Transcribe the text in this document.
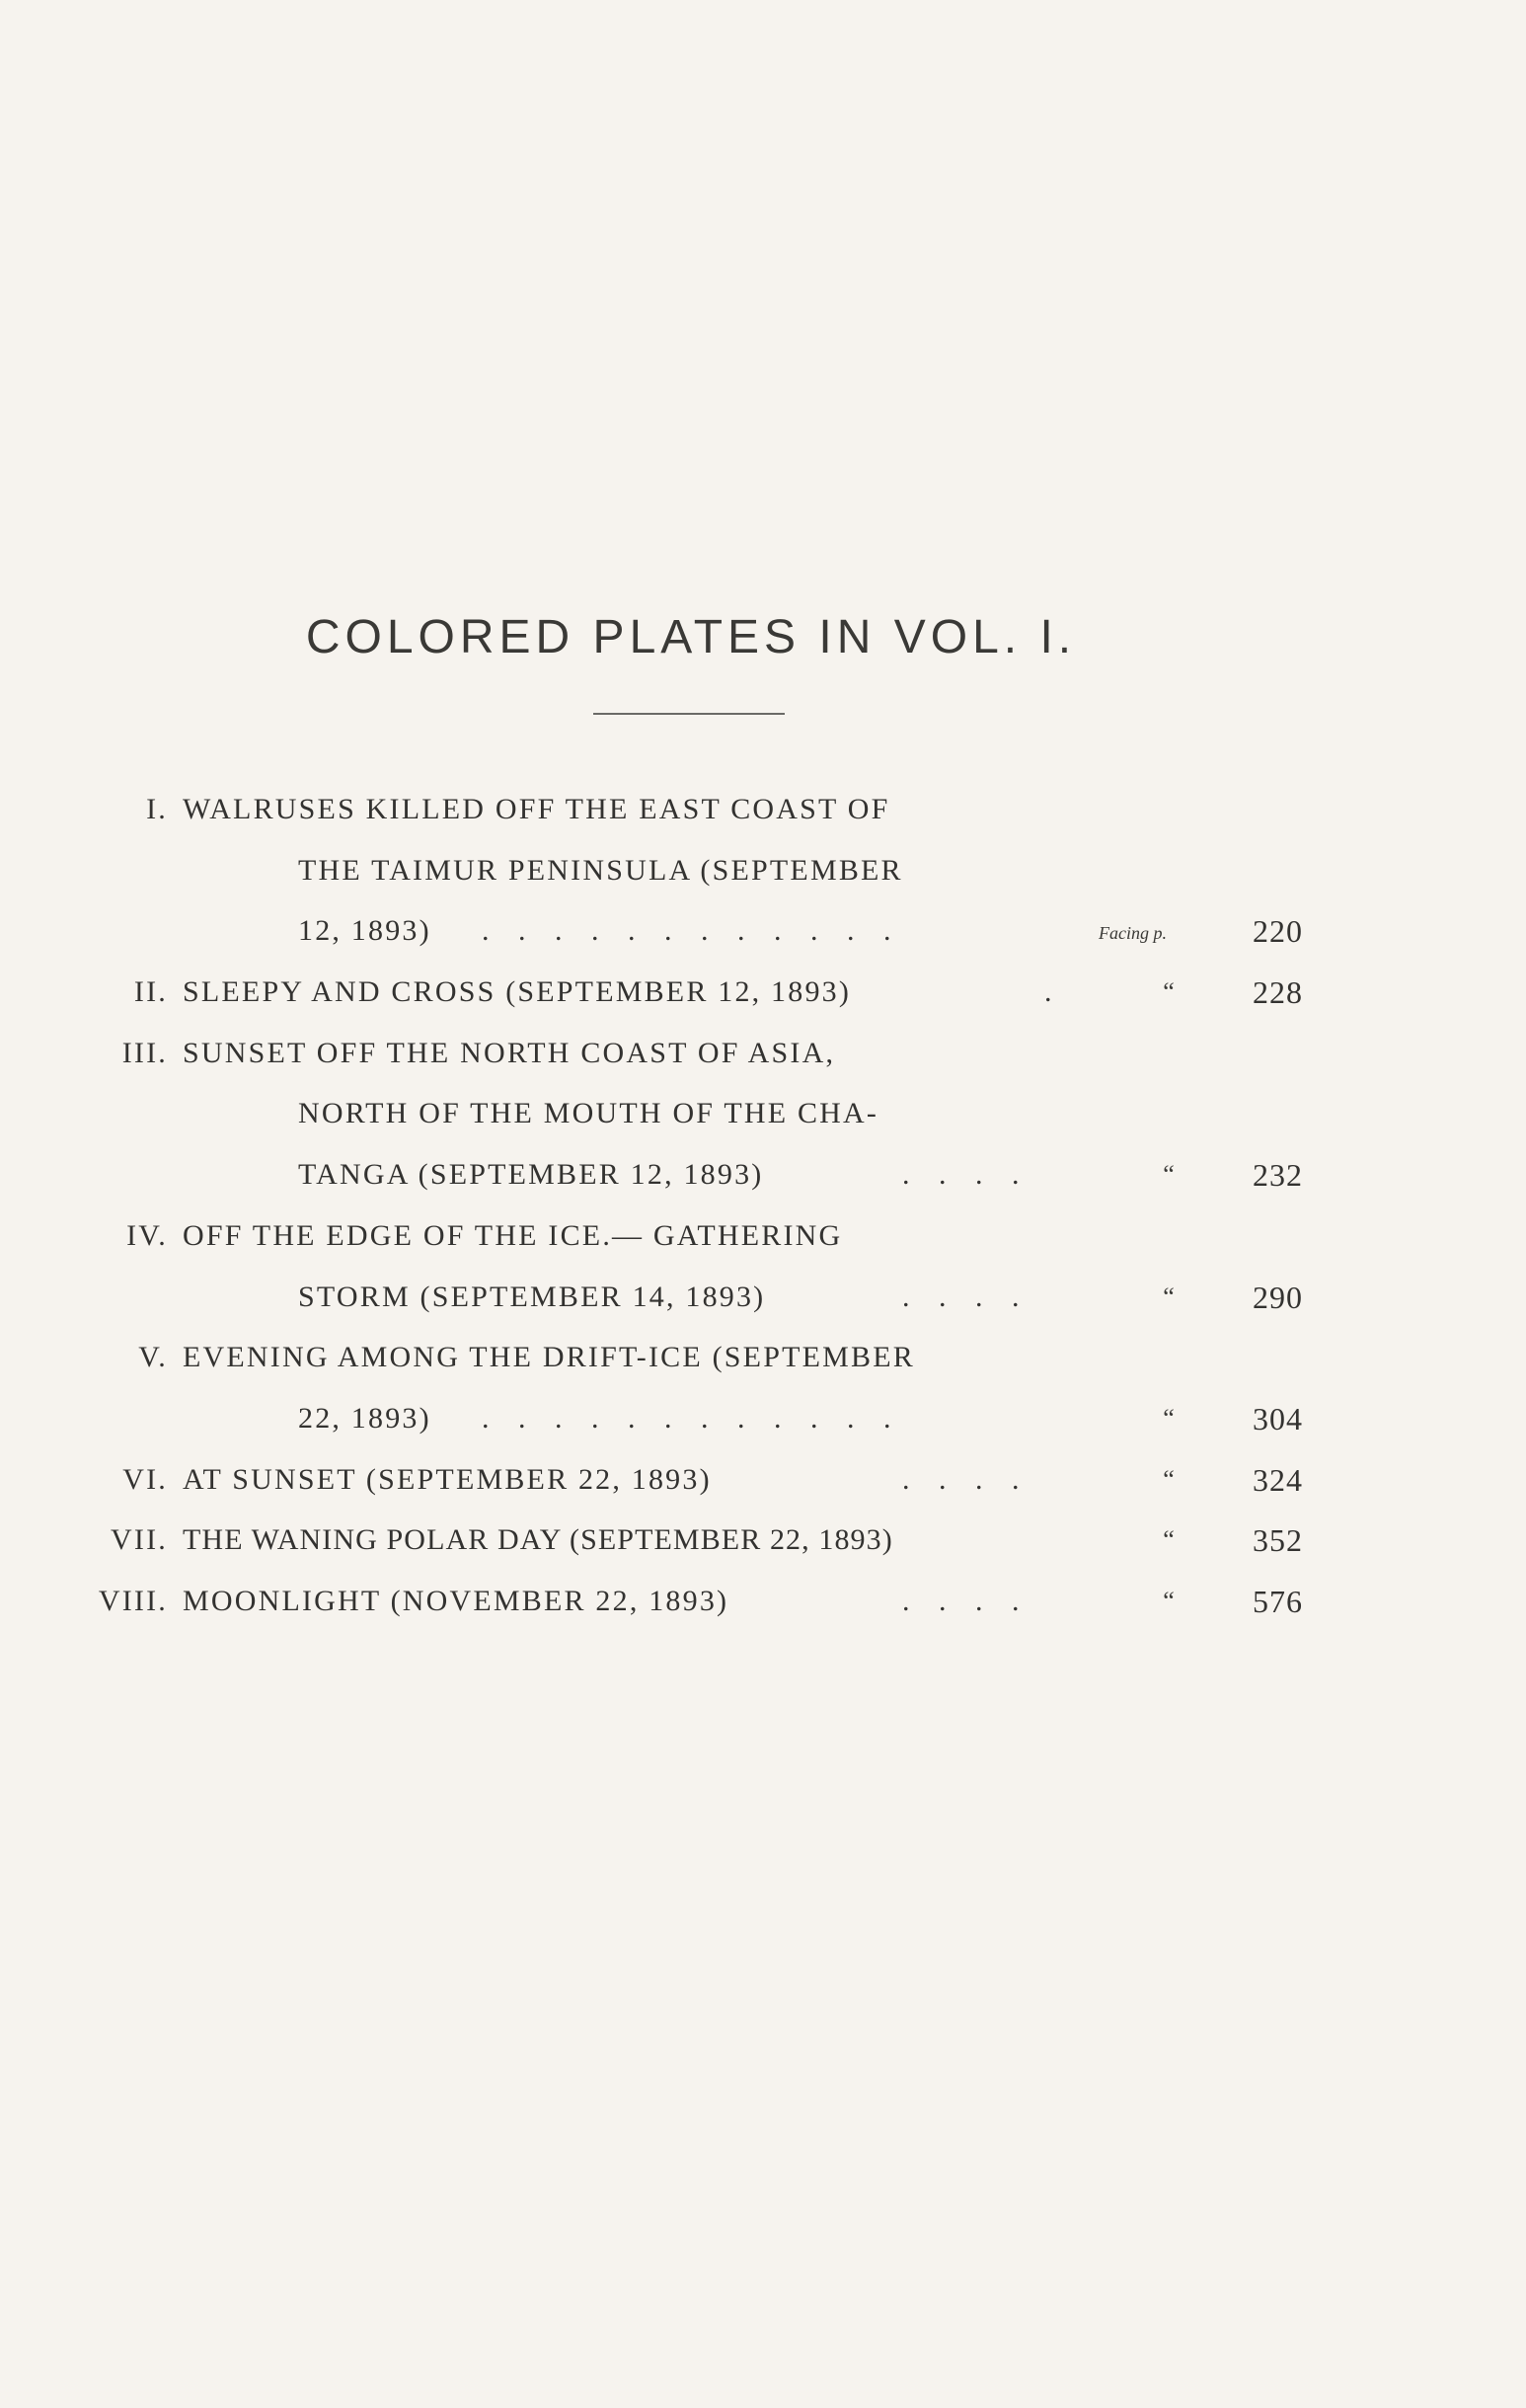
COLORED PLATES IN VOL. I.
I. WALRUSES KILLED OFF THE EAST COAST OF
THE TAIMUR PENINSULA (SEPTEMBER
12, 1893) . . . . . . . . . . . .	Facing p.	220
II. SLEEPY AND CROSS (SEPTEMBER 12, 1893)	.	“	228
III. SUNSET OFF THE NORTH COAST OF ASIA,
NORTH OF THE MOUTH OF THE CHA-
TANGA (SEPTEMBER 12, 1893)	. . . .	“	232
IV. OFF THE EDGE OF THE ICE.— GATHERING
STORM (SEPTEMBER 14, 1893)	. . . .	“	290
V. EVENING AMONG THE DRIFT-ICE (SEPTEMBER
22, 1893) . . . . . . . . . . . .	“	304
VI. AT SUNSET (SEPTEMBER 22, 1893)	. . . .	“	324
VII. THE WANING POLAR DAY (SEPTEMBER 22, 1893)	“	352
VIII. MOONLIGHT (NOVEMBER 22, 1893)	. . . .	“	576
